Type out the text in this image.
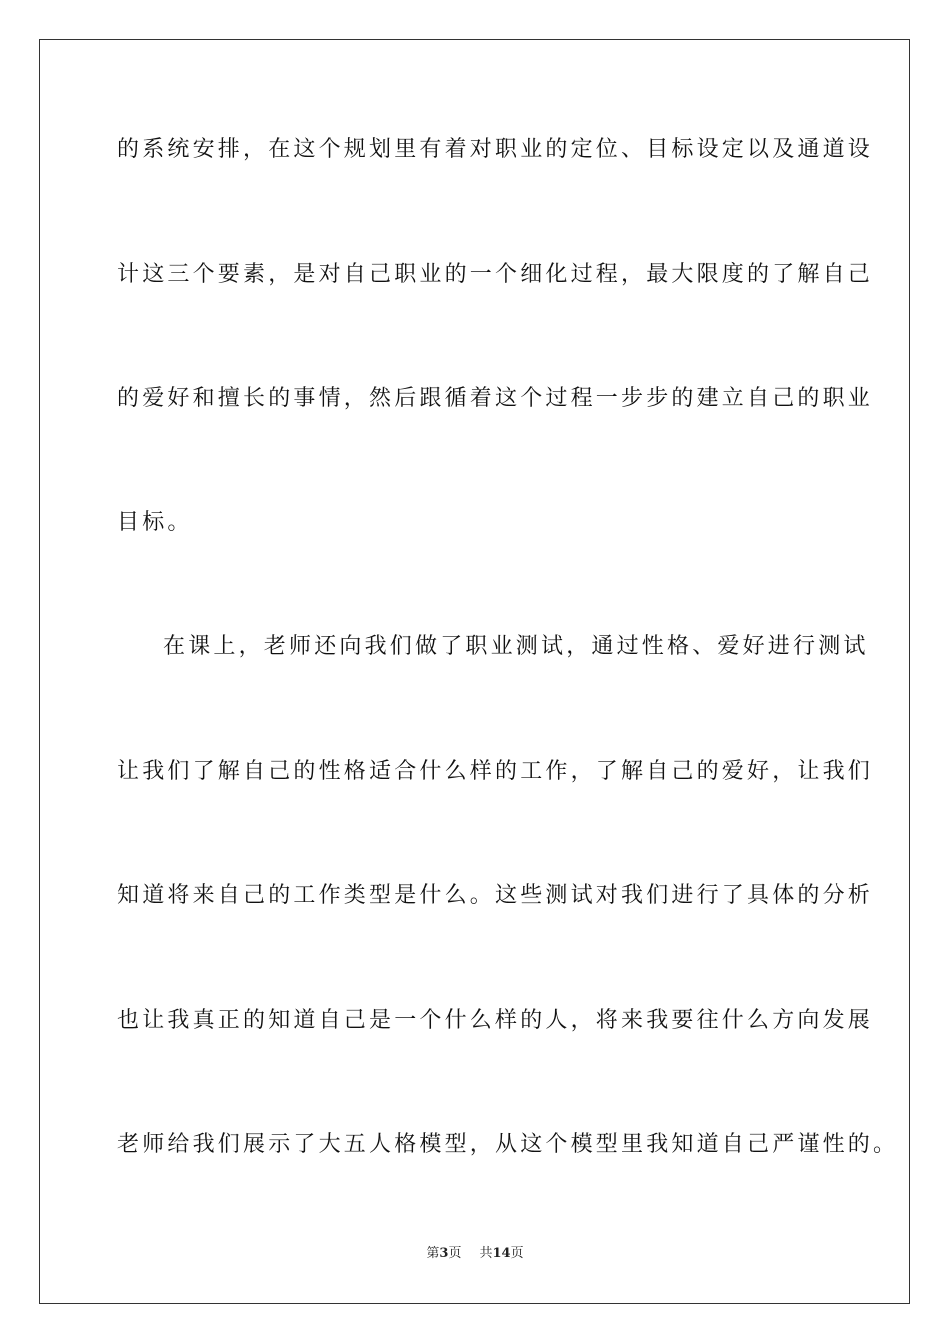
的系统安排，在这个规划里有着对职业的定位、目标设定以及通道设
计这三个要素，是对自己职业的一个细化过程，最大限度的了解自己
的爱好和擅长的事情，然后跟循着这个过程一步步的建立自己的职业
目标。
在课上，老师还向我们做了职业测试，通过性格、爱好进行测试
让我们了解自己的性格适合什么样的工作，了解自己的爱好，让我们
知道将来自己的工作类型是什么。这些测试对我们进行了具体的分析
也让我真正的知道自己是一个什么样的人，将来我要往什么方向发展
老师给我们展示了大五人格模型，从这个模型里我知道自己严谨性的。
第3页 共14页
